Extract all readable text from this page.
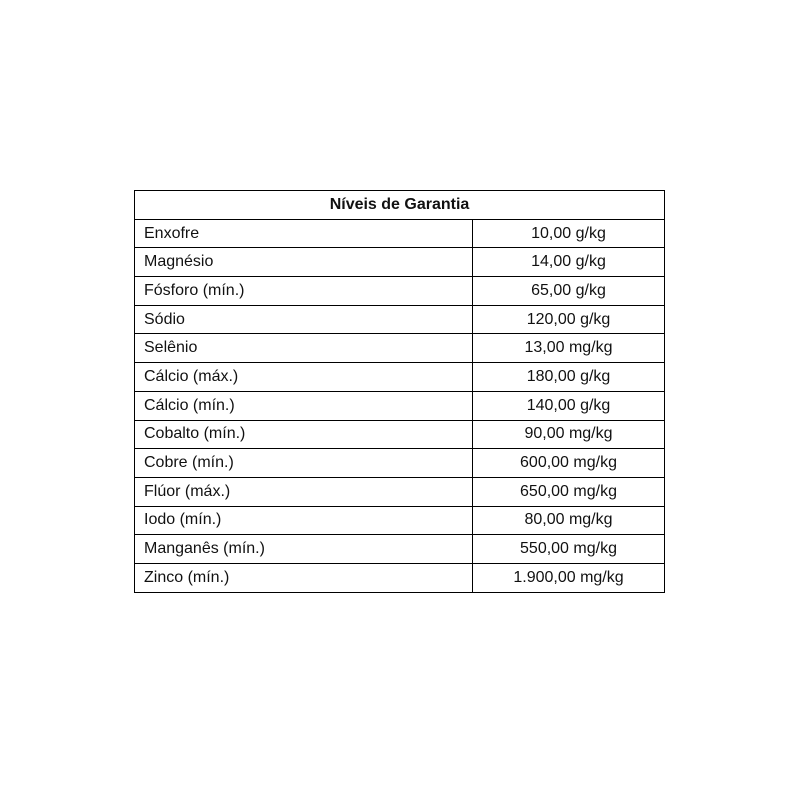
Níveis de Garantia	
Enxofre	10,00 g/kg
Magnésio	14,00 g/kg
Fósforo (mín.)	65,00 g/kg
Sódio	120,00 g/kg
Selênio	13,00 mg/kg
Cálcio (máx.)	180,00 g/kg
Cálcio (mín.)	140,00 g/kg
Cobalto (mín.)	90,00 mg/kg
Cobre (mín.)	600,00 mg/kg
Flúor (máx.)	650,00 mg/kg
Iodo (mín.)	80,00 mg/kg
Manganês (mín.)	550,00 mg/kg
Zinco (mín.)	1.900,00 mg/kg
